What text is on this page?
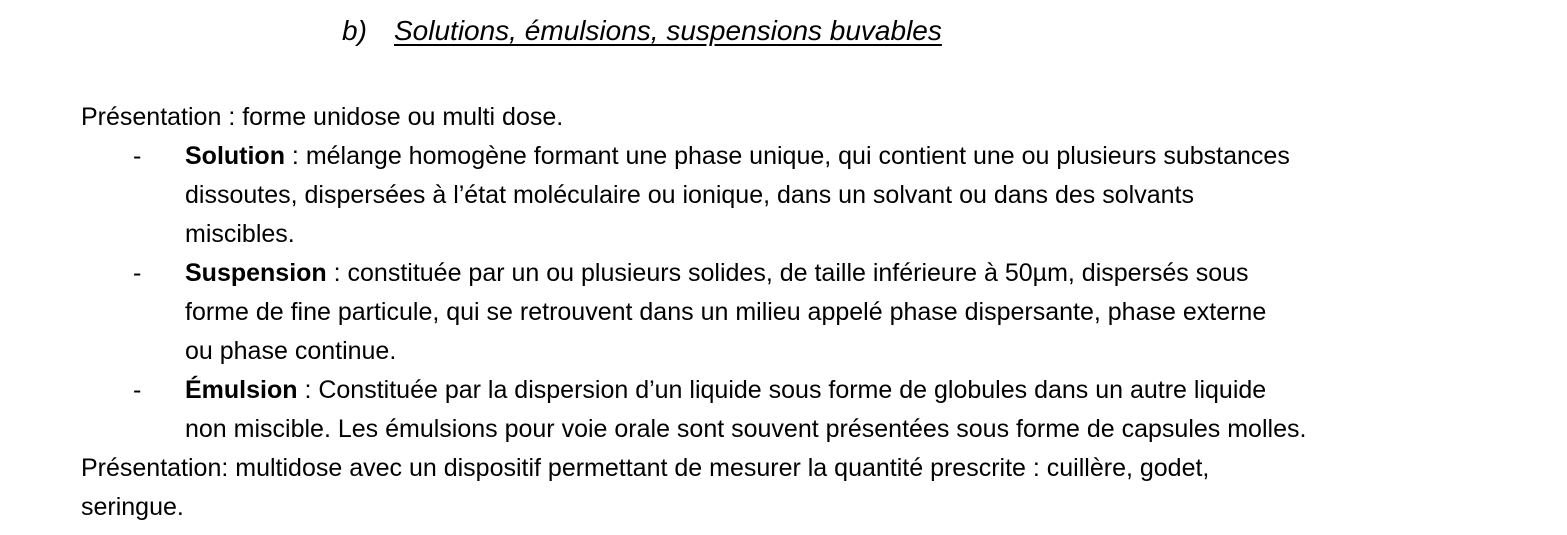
b) Solutions, émulsions, suspensions buvables
Présentation : forme unidose ou multi dose.
- Solution : mélange homogène formant une phase unique, qui contient une ou plusieurs substances
dissoutes, dispersées à l’état moléculaire ou ionique, dans un solvant ou dans des solvants
miscibles.
- Suspension : constituée par un ou plusieurs solides, de taille inférieure à 50µm, dispersés sous
forme de fine particule, qui se retrouvent dans un milieu appelé phase dispersante, phase externe
ou phase continue.
- Émulsion : Constituée par la dispersion d’un liquide sous forme de globules dans un autre liquide
non miscible. Les émulsions pour voie orale sont souvent présentées sous forme de capsules molles.
Présentation: multidose avec un dispositif permettant de mesurer la quantité prescrite : cuillère, godet,
seringue.
